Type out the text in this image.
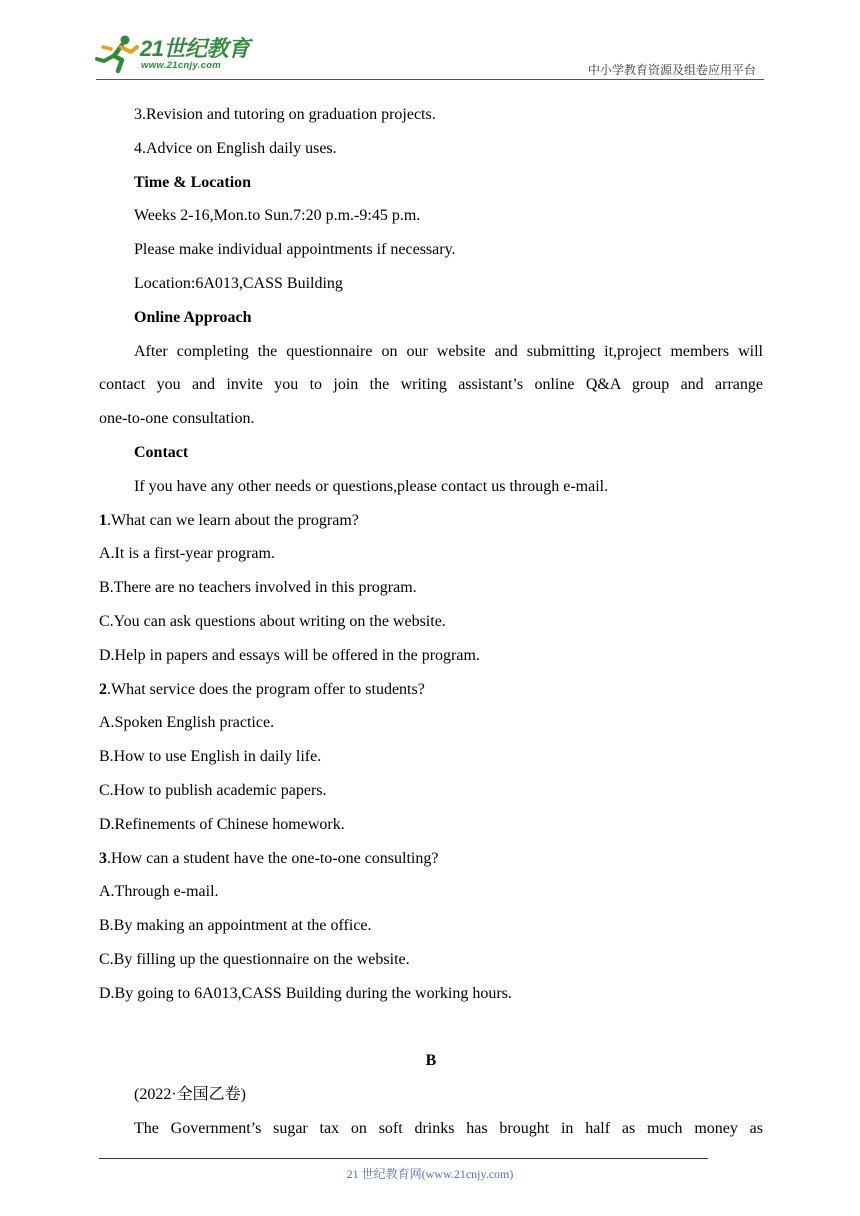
21世纪教育
www.21cnjy.com	中小学教育资源及组卷应用平台
3.Revision and tutoring on graduation projects.
4.Advice on English daily uses.
Time & Location
Weeks 2-16,Mon.to Sun.7:20 p.m.-9:45 p.m.
Please make individual appointments if necessary.
Location:6A013,CASS Building
Online Approach
After completing the questionnaire on our website and submitting it,project members will
contact you and invite you to join the writing assistant’s online Q&A group and arrange
one-to-one consultation.
Contact
If you have any other needs or questions,please contact us through e-mail.
1.What can we learn about the program?
A.It is a first-year program.
B.There are no teachers involved in this program.
C.You can ask questions about writing on the website.
D.Help in papers and essays will be offered in the program.
2.What service does the program offer to students?
A.Spoken English practice.
B.How to use English in daily life.
C.How to publish academic papers.
D.Refinements of Chinese homework.
3.How can a student have the one-to-one consulting?
A.Through e-mail.
B.By making an appointment at the office.
C.By filling up the questionnaire on the website.
D.By going to 6A013,CASS Building during the working hours.
B
(2022·全国乙卷)
The Government’s sugar tax on soft drinks has brought in half as much money as
21 世纪教育网(www.21cnjy.com)
